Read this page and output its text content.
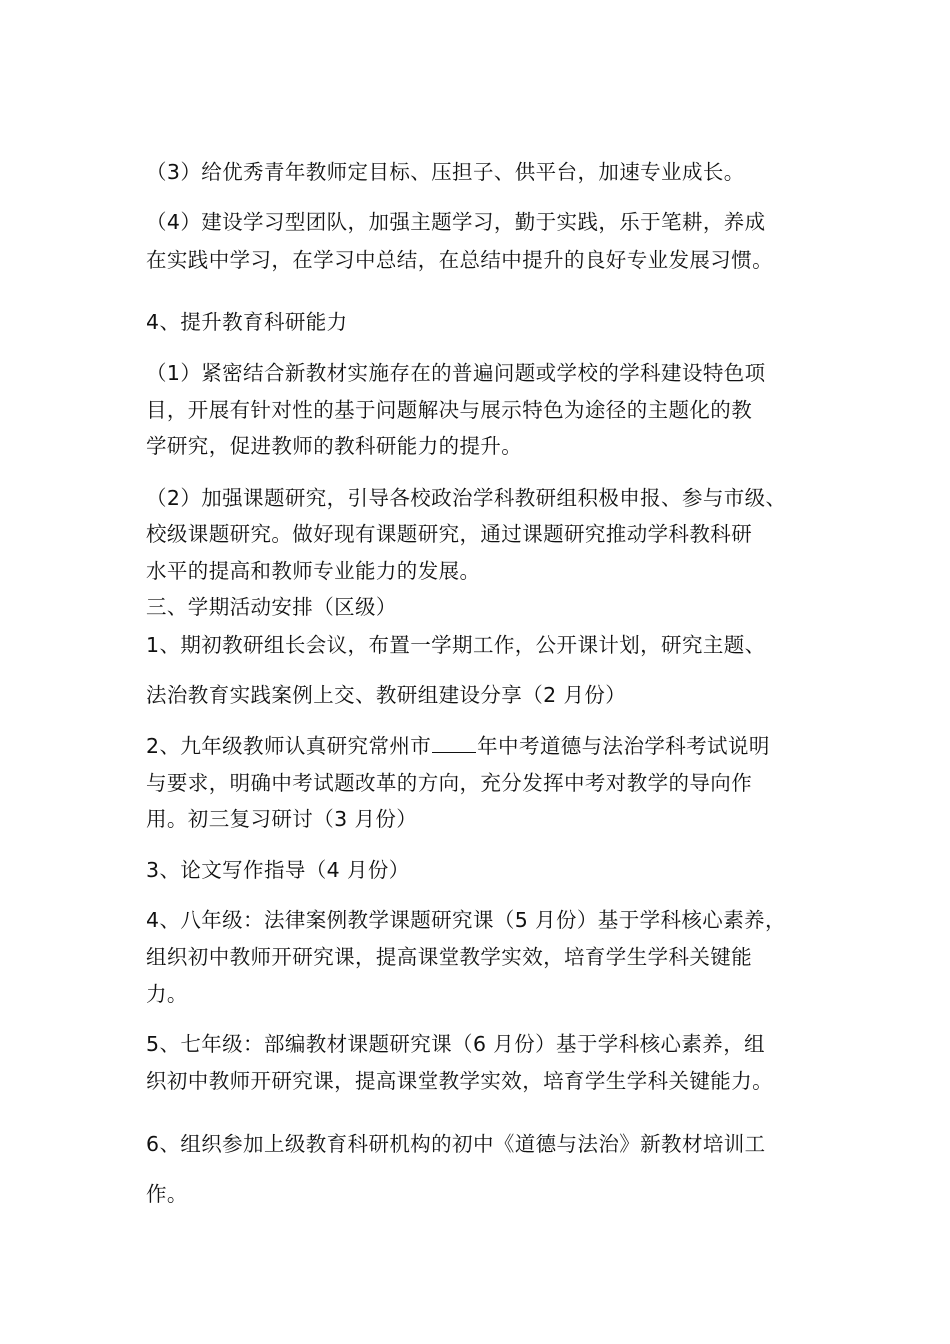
（3）给优秀青年教师定目标、压担子、供平台，加速专业成长。
（4）建设学习型团队，加强主题学习，勤于实践，乐于笔耕，养成
在实践中学习，在学习中总结，在总结中提升的良好专业发展习惯。
4、提升教育科研能力
（1）紧密结合新教材实施存在的普遍问题或学校的学科建设特色项
目，开展有针对性的基于问题解决与展示特色为途径的主题化的教
学研究，促进教师的教科研能力的提升。
（2）加强课题研究，引导各校政治学科教研组积极申报、参与市级、
校级课题研究。做好现有课题研究，通过课题研究推动学科教科研
水平的提高和教师专业能力的发展。
三、学期活动安排（区级）
1、期初教研组长会议，布置一学期工作，公开课计划，研究主题、
法治教育实践案例上交、教研组建设分享（2 月份）
2、九年级教师认真研究常州市 年中考道德与法治学科考试说明
与要求，明确中考试题改革的方向，充分发挥中考对教学的导向作
用。初三复习研讨（3 月份）
3、论文写作指导（4 月份）
4、八年级：法律案例教学课题研究课（5 月份）基于学科核心素养，
组织初中教师开研究课，提高课堂教学实效，培育学生学科关键能
力。
5、七年级：部编教材课题研究课（6 月份）基于学科核心素养，组
织初中教师开研究课，提高课堂教学实效，培育学生学科关键能力。
6、组织参加上级教育科研机构的初中《道德与法治》新教材培训工
作。
